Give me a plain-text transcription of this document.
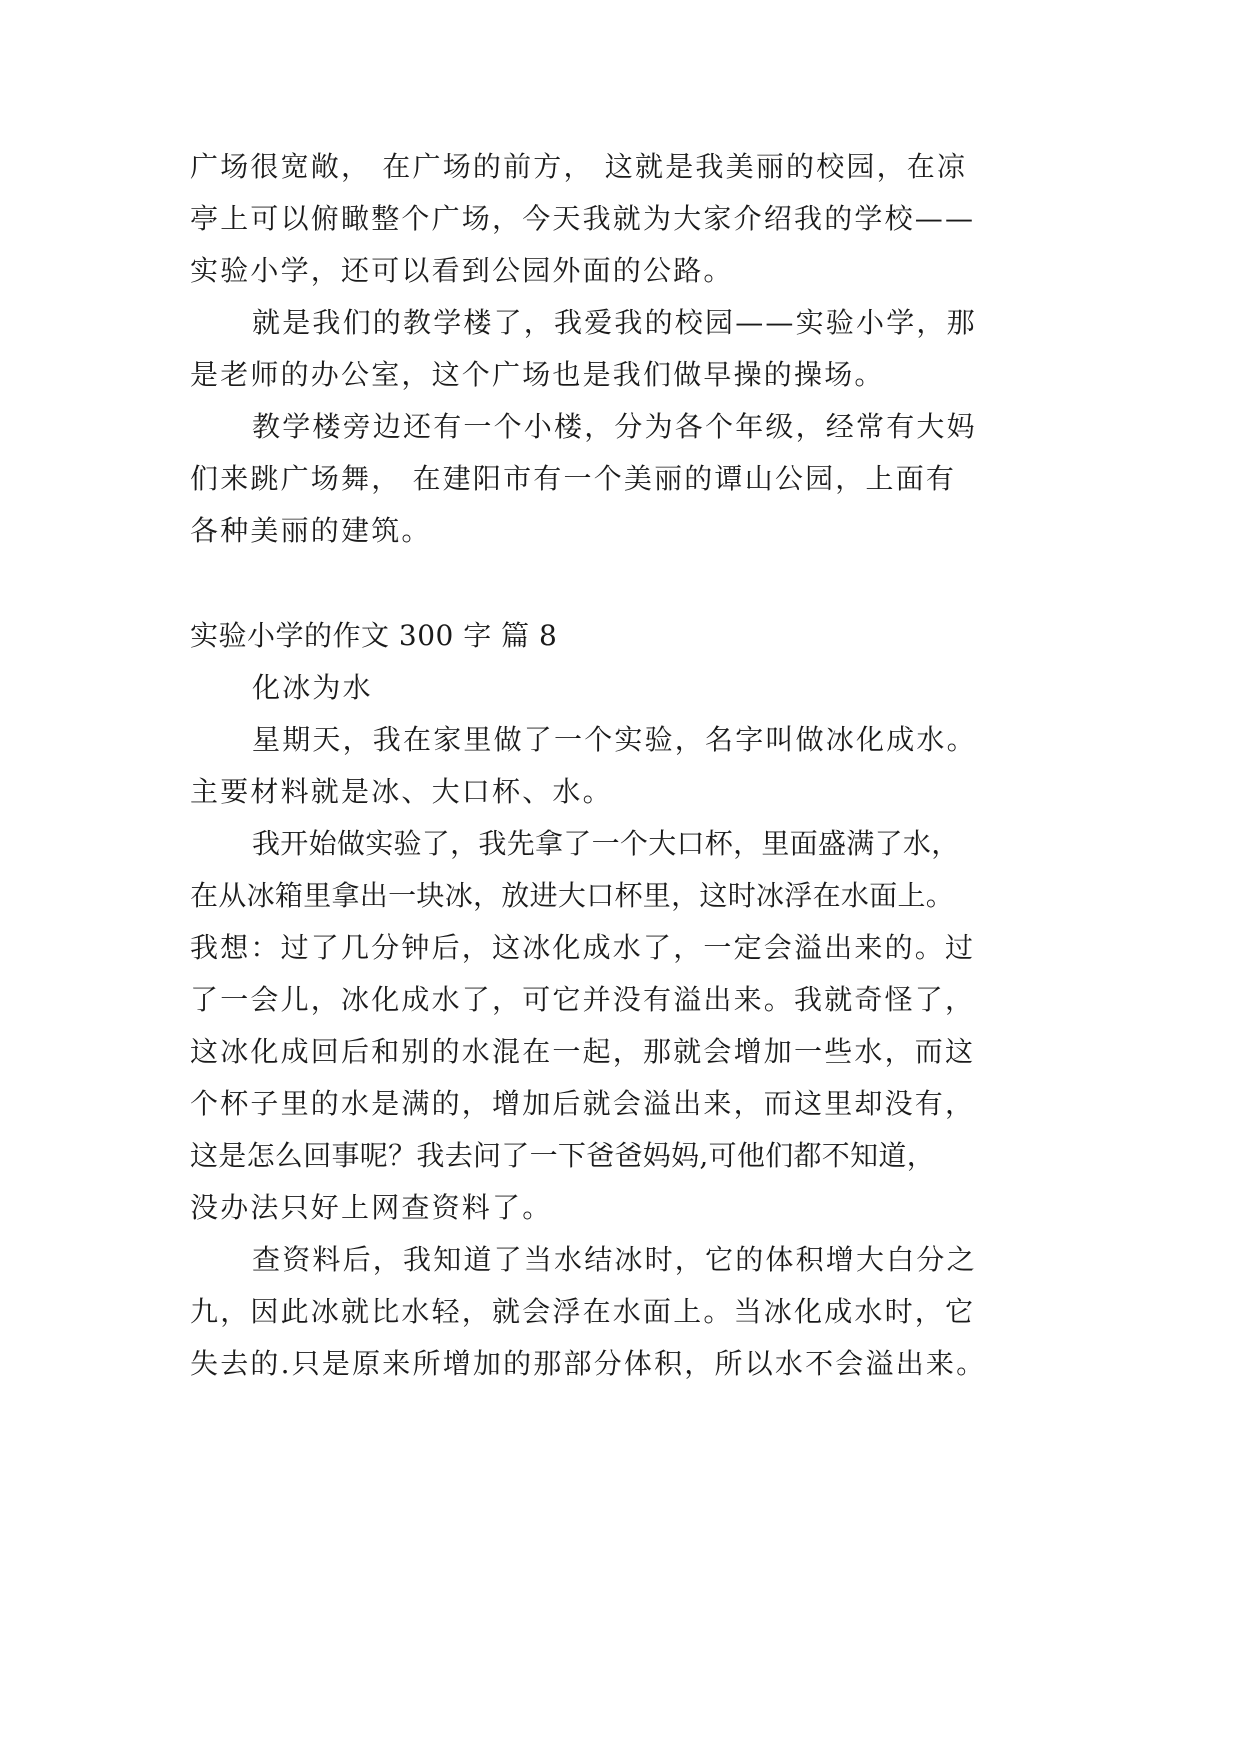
广场很宽敞， 在广场的前方， 这就是我美丽的校园，在凉
亭上可以俯瞰整个广场，今天我就为大家介绍我的学校——
实验小学，还可以看到公园外面的公路。
就是我们的教学楼了，我爱我的校园——实验小学，那
是老师的办公室，这个广场也是我们做早操的操场。
教学楼旁边还有一个小楼，分为各个年级，经常有大妈
们来跳广场舞， 在建阳市有一个美丽的谭山公园，上面有
各种美丽的建筑。
实验小学的作文 300 字 篇 8
化冰为水
星期天，我在家里做了一个实验，名字叫做冰化成水。
主要材料就是冰、大口杯、水。
我开始做实验了，我先拿了一个大口杯，里面盛满了水，
在从冰箱里拿出一块冰，放进大口杯里，这时冰浮在水面上。
我想：过了几分钟后，这冰化成水了，一定会溢出来的。过
了一会儿，冰化成水了，可它并没有溢出来。我就奇怪了，
这冰化成回后和别的水混在一起，那就会增加一些水，而这
个杯子里的水是满的，增加后就会溢出来，而这里却没有，
这是怎么回事呢？我去问了一下爸爸妈妈,可他们都不知道，
没办法只好上网查资料了。
查资料后，我知道了当水结冰时，它的体积增大白分之
九，因此冰就比水轻，就会浮在水面上。当冰化成水时，它
失去的.只是原来所增加的那部分体积，所以水不会溢出来。
